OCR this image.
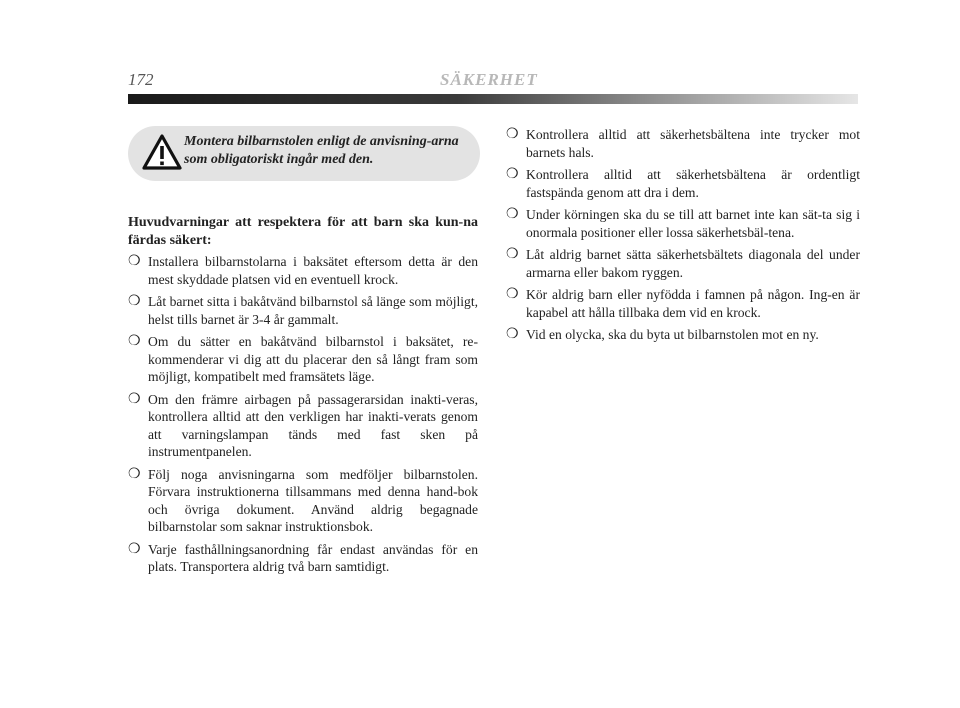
172	SÄKERHET
Montera bilbarnstolen enligt de anvisning-arna som obligatoriskt ingår med den.

Huvudvarningar att respektera för att barn ska kun-na färdas säkert:

❍ Installera bilbarnstolarna i baksätet eftersom detta är den mest skyddade platsen vid en eventuell krock.
❍ Låt barnet sitta i bakåtvänd bilbarnstol så länge som möjligt, helst tills barnet är 3-4 år gammalt.
❍ Om du sätter en bakåtvänd bilbarnstol i baksätet, re-kommenderar vi dig att du placerar den så långt fram som möjligt, kompatibelt med framsätets läge.
❍ Om den främre airbagen på passagerarsidan inakti-veras, kontrollera alltid att den verkligen har inakti-verats genom att varningslampan tänds med fast sken på instrumentpanelen.
❍ Följ noga anvisningarna som medföljer bilbarnstolen. Förvara instruktionerna tillsammans med denna hand-bok och övriga dokument. Använd aldrig begagnade bilbarnstolar som saknar instruktionsbok.
❍ Varje fasthållningsanordning får endast användas för en plats. Transportera aldrig två barn samtidigt.
❍ Kontrollera alltid att säkerhetsbältena inte trycker mot barnets hals.
❍ Kontrollera alltid att säkerhetsbältena är ordentligt fastspända genom att dra i dem.
❍ Under körningen ska du se till att barnet inte kan sät-ta sig i onormala positioner eller lossa säkerhetsbäl-tena.
❍ Låt aldrig barnet sätta säkerhetsbältets diagonala del under armarna eller bakom ryggen.
❍ Kör aldrig barn eller nyfödda i famnen på någon. Ing-en är kapabel att hålla tillbaka dem vid en krock.
❍ Vid en olycka, ska du byta ut bilbarnstolen mot en ny.
